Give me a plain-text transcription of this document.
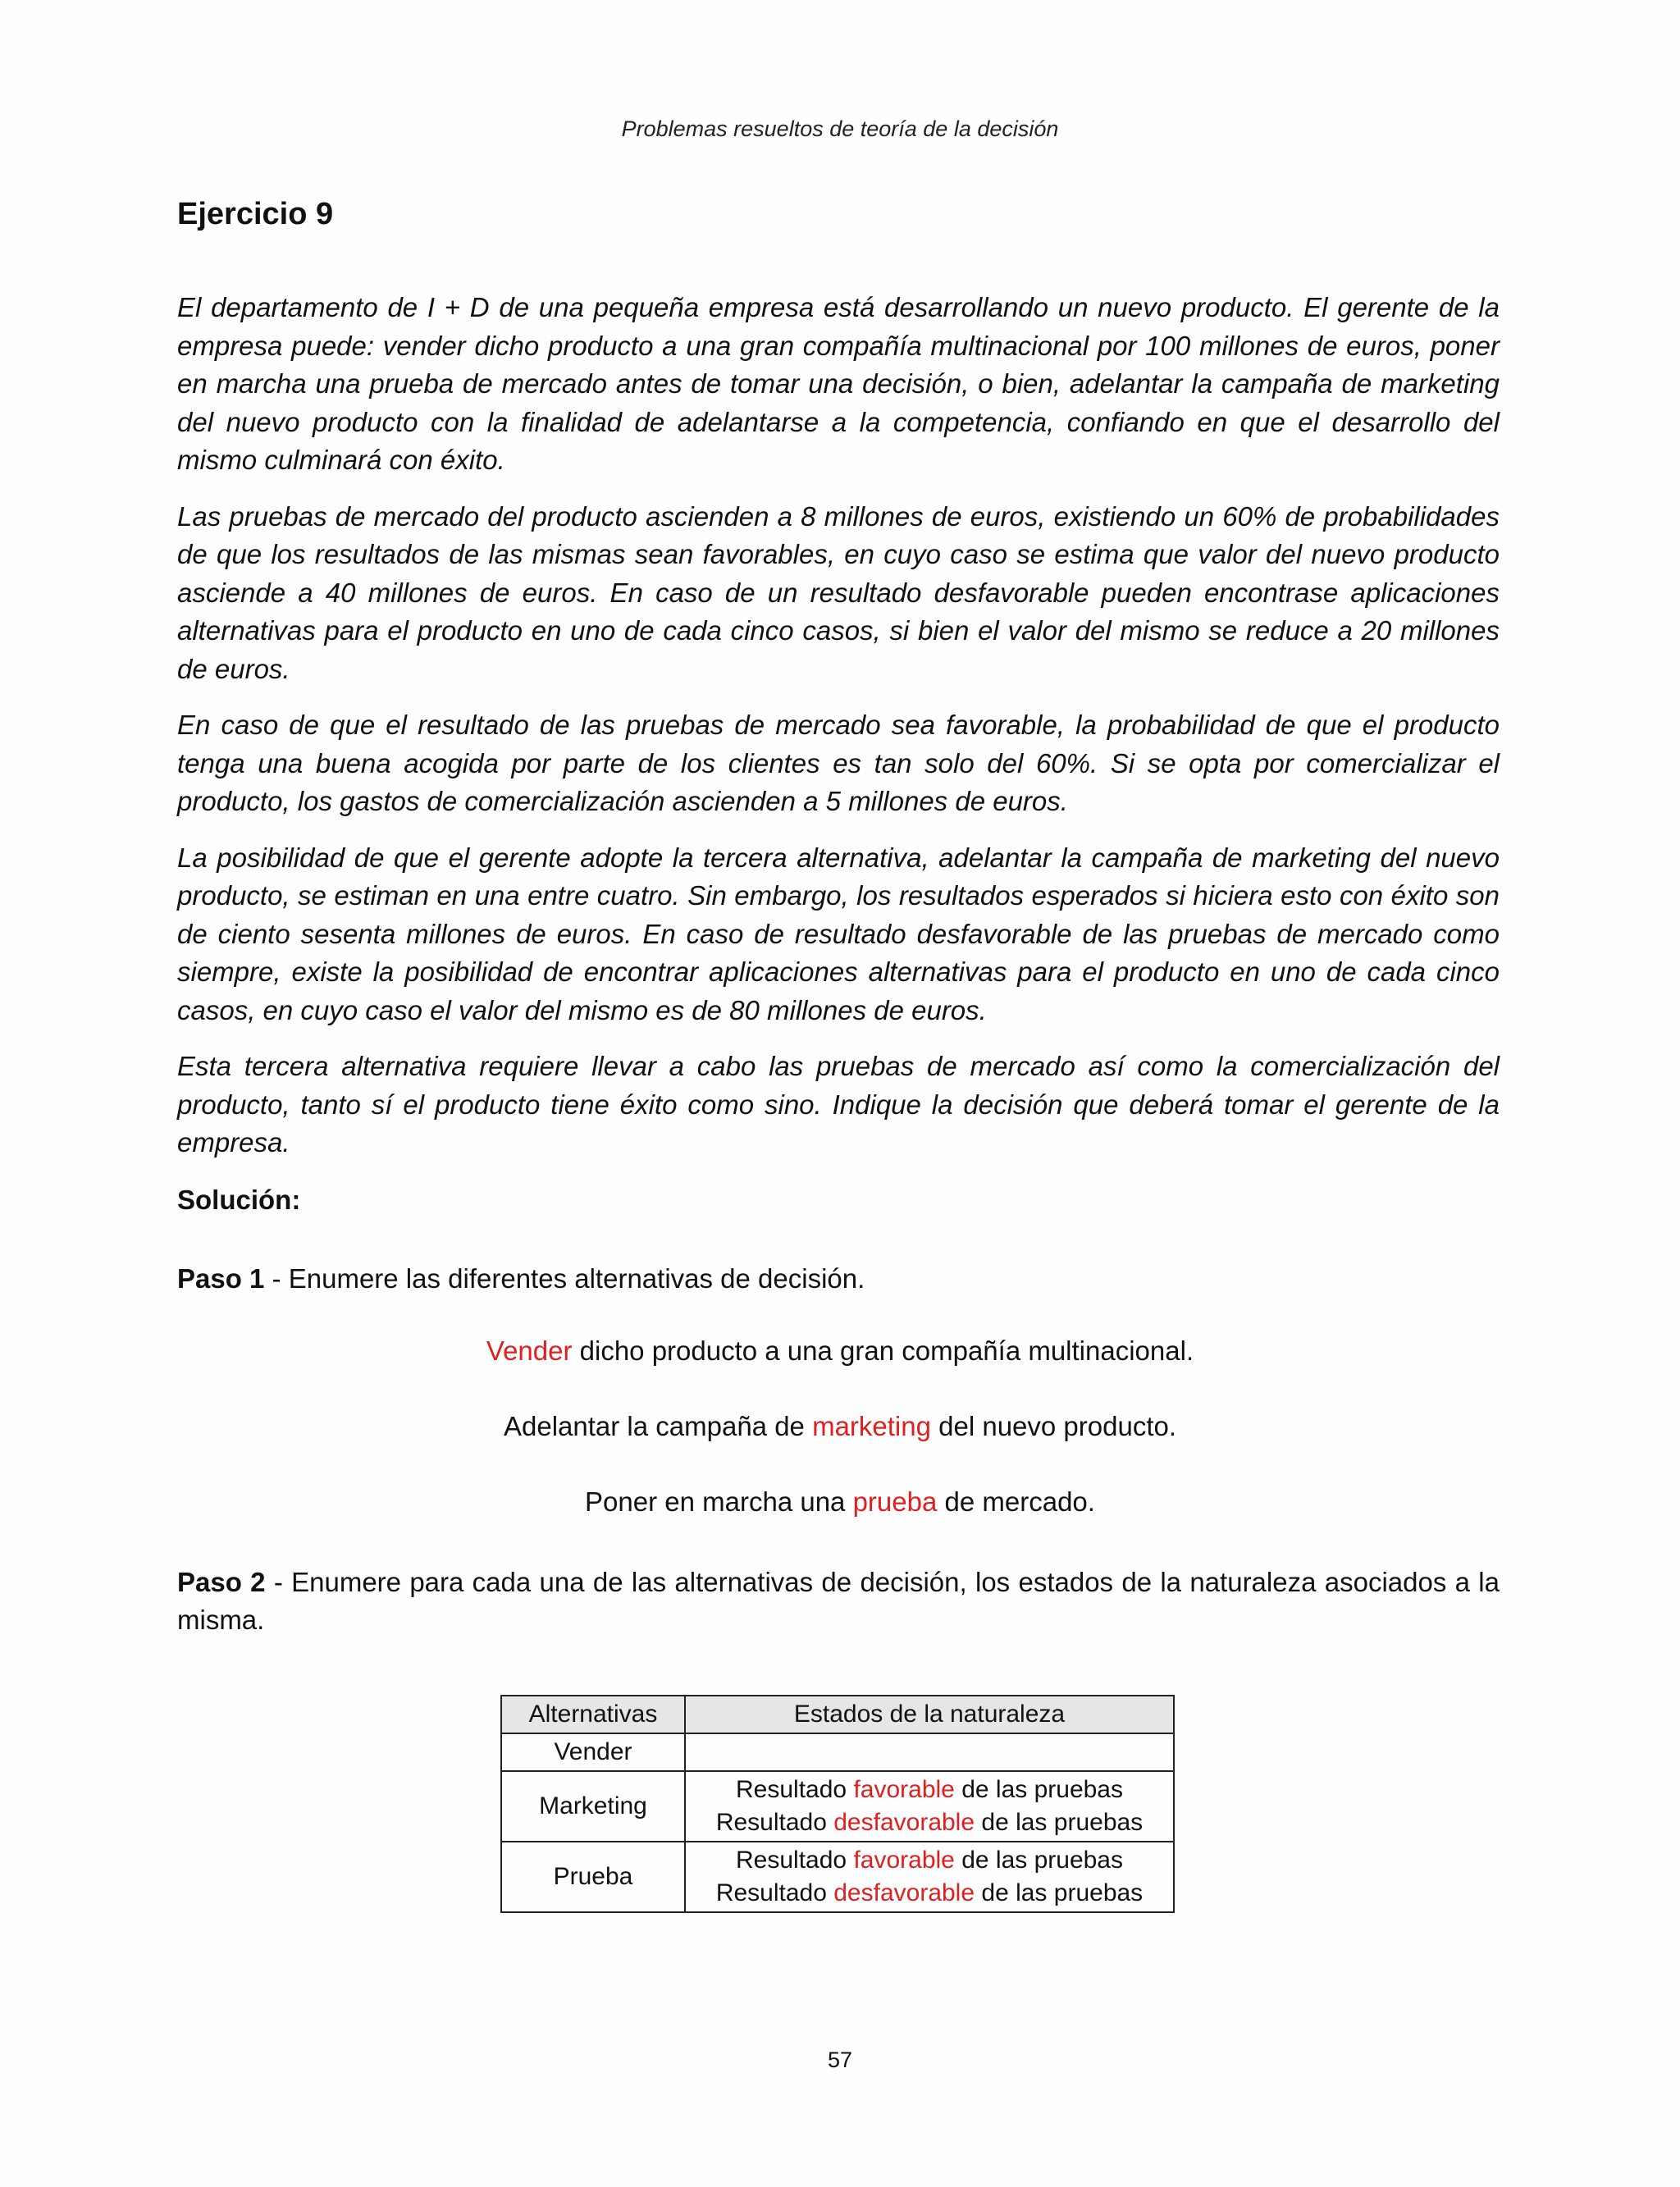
Problemas resueltos de teoría de la decisión
Ejercicio 9

El departamento de I + D de una pequeña empresa está desarrollando un nuevo producto. El gerente de la empresa puede: vender dicho producto a una gran compañía multinacional por 100 millones de euros, poner en marcha una prueba de mercado antes de tomar una decisión, o bien, adelantar la campaña de marketing del nuevo producto con la finalidad de adelantarse a la competencia, confiando en que el desarrollo del mismo culminará con éxito.

Las pruebas de mercado del producto ascienden a 8 millones de euros, existiendo un 60% de probabilidades de que los resultados de las mismas sean favorables, en cuyo caso se estima que valor del nuevo producto asciende a 40 millones de euros. En caso de un resultado desfavorable pueden encontrase aplicaciones alternativas para el producto en uno de cada cinco casos, si bien el valor del mismo se reduce a 20 millones de euros.

En caso de que el resultado de las pruebas de mercado sea favorable, la probabilidad de que el producto tenga una buena acogida por parte de los clientes es tan solo del 60%. Si se opta por comercializar el producto, los gastos de comercialización ascienden a 5 millones de euros.

La posibilidad de que el gerente adopte la tercera alternativa, adelantar la campaña de marketing del nuevo producto, se estiman en una entre cuatro. Sin embargo, los resultados esperados si hiciera esto con éxito son de ciento sesenta millones de euros. En caso de resultado desfavorable de las pruebas de mercado como siempre, existe la posibilidad de encontrar aplicaciones alternativas para el producto en uno de cada cinco casos, en cuyo caso el valor del mismo es de 80 millones de euros.

Esta tercera alternativa requiere llevar a cabo las pruebas de mercado así como la comercialización del producto, tanto sí el producto tiene éxito como sino. Indique la decisión que deberá tomar el gerente de la empresa.

Solución:
Paso 1 - Enumere las diferentes alternativas de decisión.
Vender dicho producto a una gran compañía multinacional.
Adelantar la campaña de marketing del nuevo producto.
Poner en marcha una prueba de mercado.
Paso 2 - Enumere para cada una de las alternativas de decisión, los estados de la naturaleza asociados a la misma.
Alternativas	Estados de la naturaleza
Vender	
Marketing	Resultado favorable de las pruebas
Resultado desfavorable de las pruebas

Prueba	Resultado favorable de las pruebas
Resultado desfavorable de las pruebas
57
